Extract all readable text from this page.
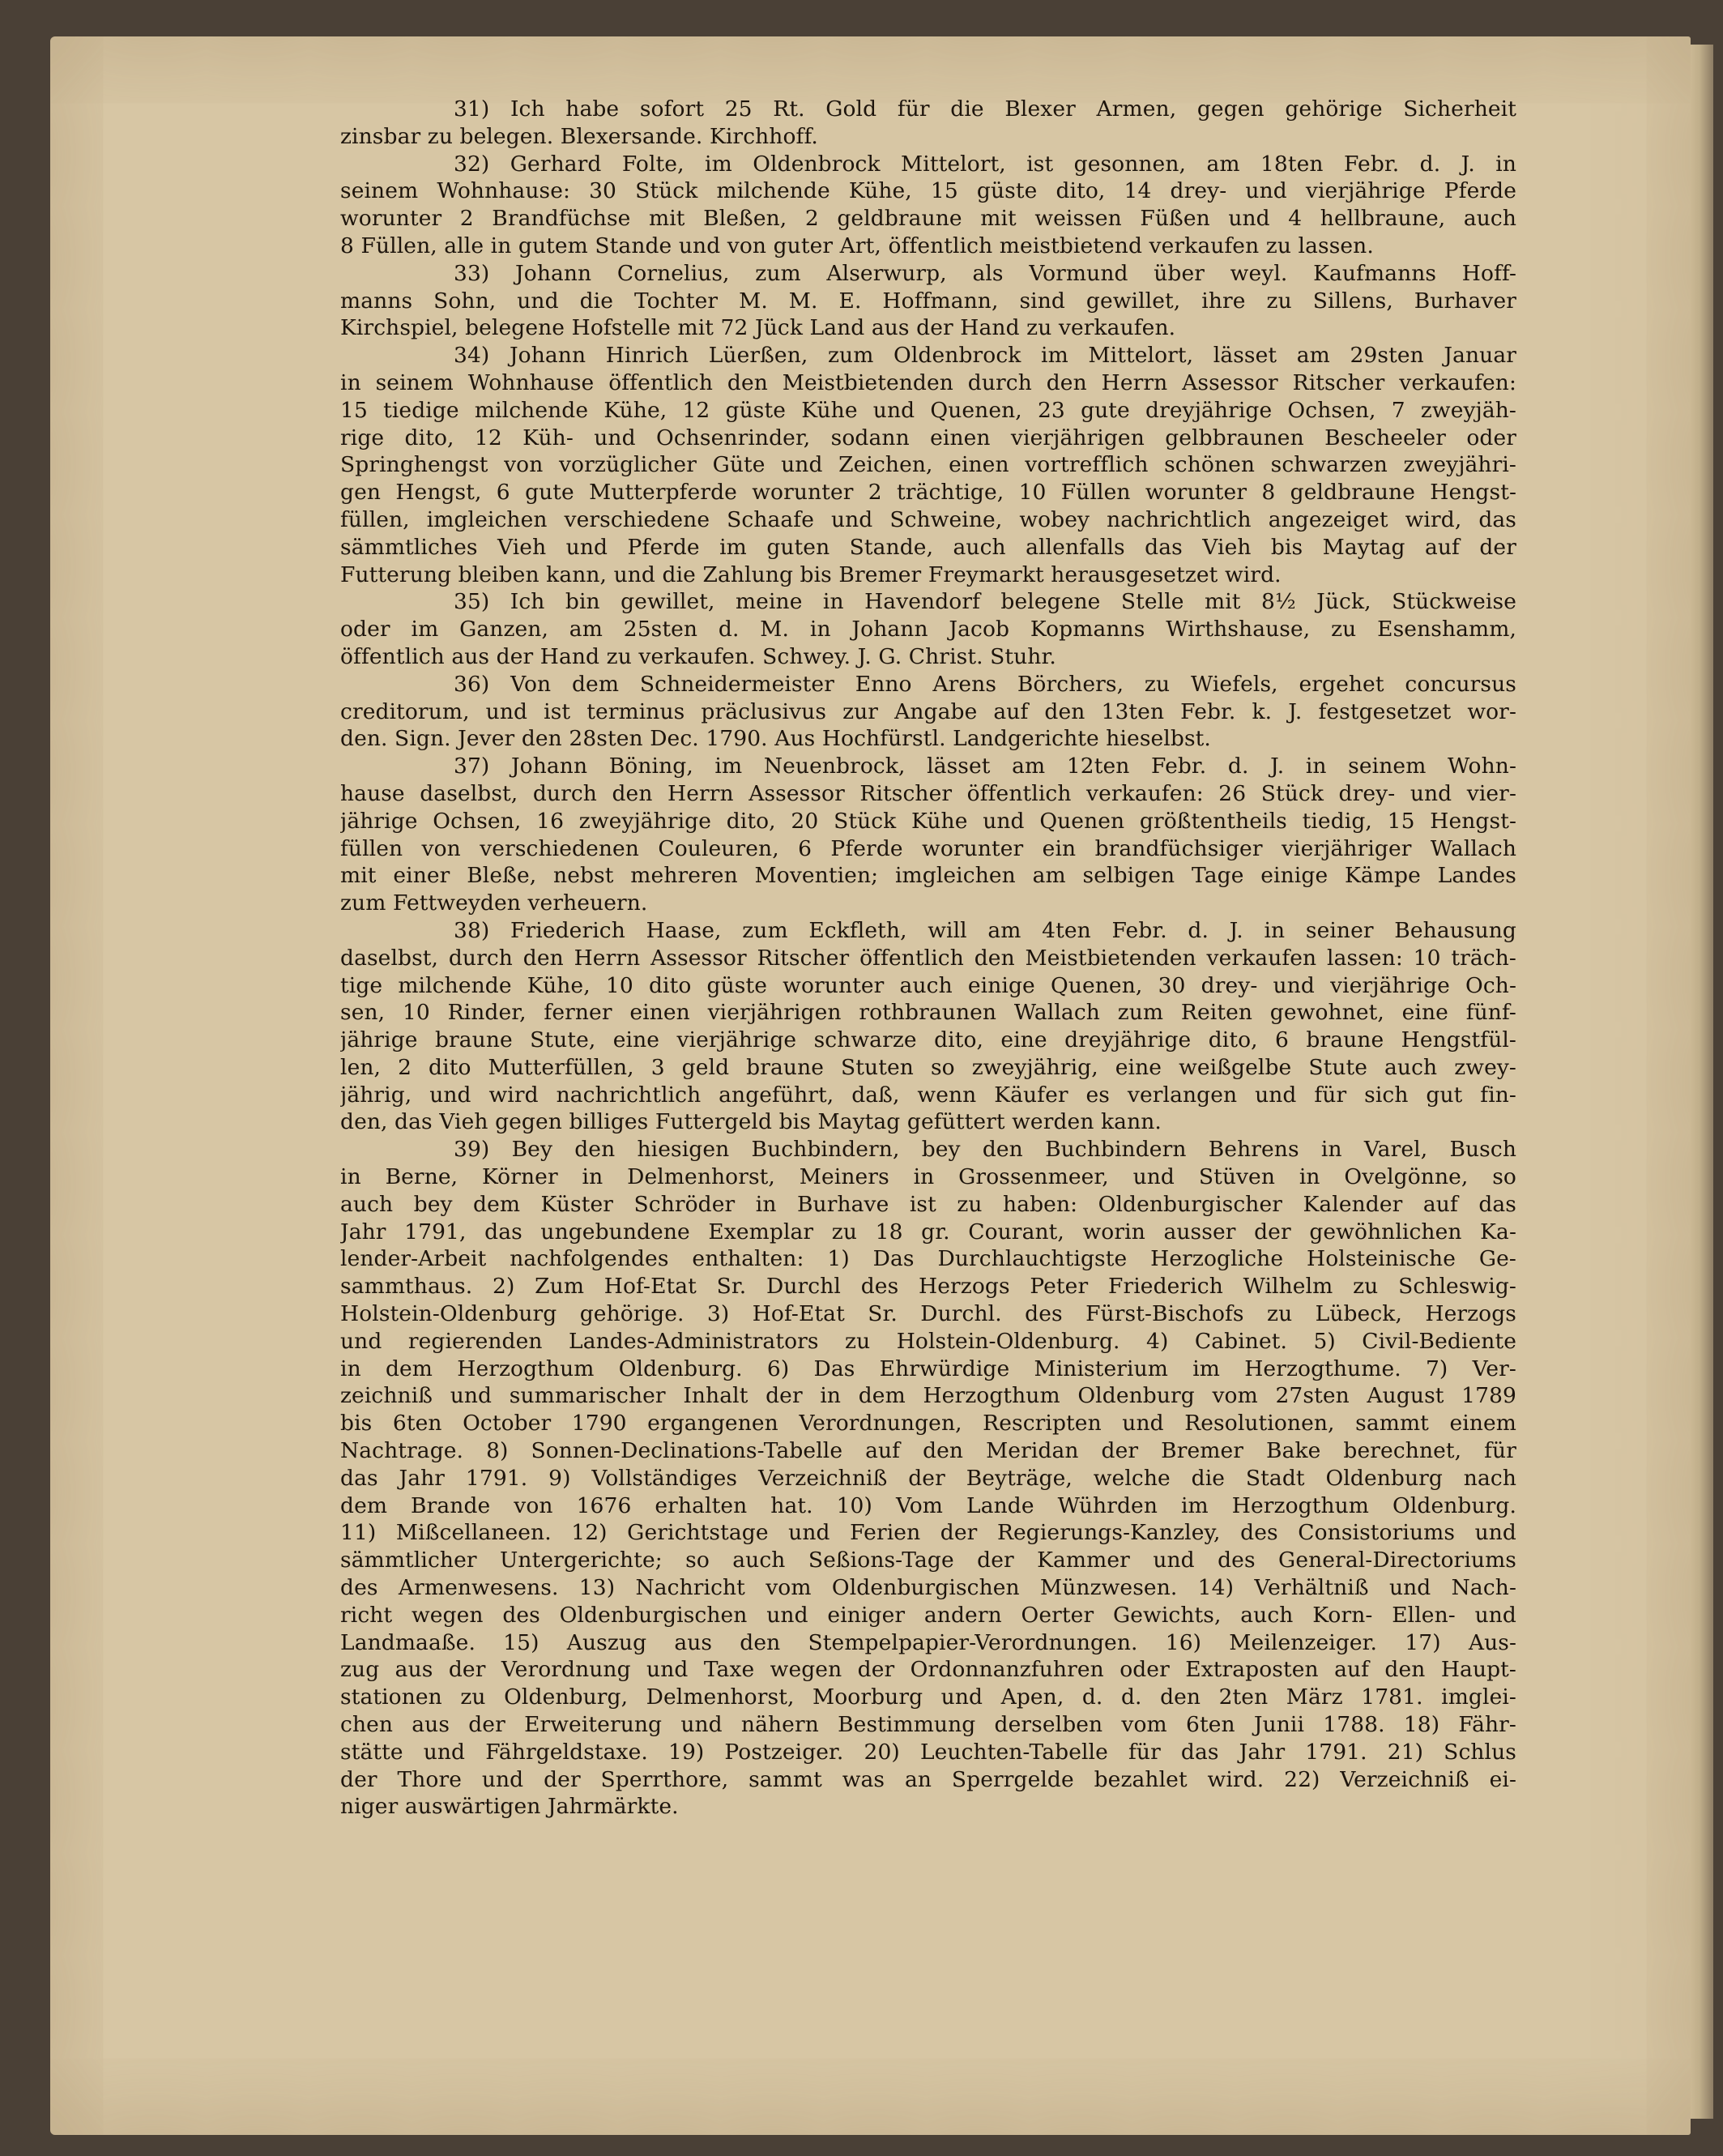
31) Ich habe sofort 25 Rt. Gold für die Blexer Armen, gegen gehörige Sicherheit
zinsbar zu belegen. Blexersande. Kirchhoff.
32) Gerhard Folte, im Oldenbrock Mittelort, ist gesonnen, am 18ten Febr. d. J. in
seinem Wohnhause: 30 Stück milchende Kühe, 15 güste dito, 14 drey- und vierjährige Pferde
worunter 2 Brandfüchse mit Bleßen, 2 geldbraune mit weissen Füßen und 4 hellbraune, auch
8 Füllen, alle in gutem Stande und von guter Art, öffentlich meistbietend verkaufen zu lassen.
33) Johann Cornelius, zum Alserwurp, als Vormund über weyl. Kaufmanns Hoff-
manns Sohn, und die Tochter M. M. E. Hoffmann, sind gewillet, ihre zu Sillens, Burhaver
Kirchspiel, belegene Hofstelle mit 72 Jück Land aus der Hand zu verkaufen.
34) Johann Hinrich Lüerßen, zum Oldenbrock im Mittelort, lässet am 29sten Januar
in seinem Wohnhause öffentlich den Meistbietenden durch den Herrn Assessor Ritscher verkaufen:
15 tiedige milchende Kühe, 12 güste Kühe und Quenen, 23 gute dreyjährige Ochsen, 7 zweyjäh-
rige dito, 12 Küh- und Ochsenrinder, sodann einen vierjährigen gelbbraunen Bescheeler oder
Springhengst von vorzüglicher Güte und Zeichen, einen vortrefflich schönen schwarzen zweyjähri-
gen Hengst, 6 gute Mutterpferde worunter 2 trächtige, 10 Füllen worunter 8 geldbraune Hengst-
füllen, imgleichen verschiedene Schaafe und Schweine, wobey nachrichtlich angezeiget wird, das
sämmtliches Vieh und Pferde im guten Stande, auch allenfalls das Vieh bis Maytag auf der
Futterung bleiben kann, und die Zahlung bis Bremer Freymarkt herausgesetzet wird.
35) Ich bin gewillet, meine in Havendorf belegene Stelle mit 8½ Jück, Stückweise
oder im Ganzen, am 25sten d. M. in Johann Jacob Kopmanns Wirthshause, zu Esenshamm,
öffentlich aus der Hand zu verkaufen. Schwey. J. G. Christ. Stuhr.
36) Von dem Schneidermeister Enno Arens Börchers, zu Wiefels, ergehet concursus
creditorum, und ist terminus präclusivus zur Angabe auf den 13ten Febr. k. J. festgesetzet wor-
den. Sign. Jever den 28sten Dec. 1790. Aus Hochfürstl. Landgerichte hieselbst.
37) Johann Böning, im Neuenbrock, lässet am 12ten Febr. d. J. in seinem Wohn-
hause daselbst, durch den Herrn Assessor Ritscher öffentlich verkaufen: 26 Stück drey- und vier-
jährige Ochsen, 16 zweyjährige dito, 20 Stück Kühe und Quenen größtentheils tiedig, 15 Hengst-
füllen von verschiedenen Couleuren, 6 Pferde worunter ein brandfüchsiger vierjähriger Wallach
mit einer Bleße, nebst mehreren Moventien; imgleichen am selbigen Tage einige Kämpe Landes
zum Fettweyden verheuern.
38) Friederich Haase, zum Eckfleth, will am 4ten Febr. d. J. in seiner Behausung
daselbst, durch den Herrn Assessor Ritscher öffentlich den Meistbietenden verkaufen lassen: 10 träch-
tige milchende Kühe, 10 dito güste worunter auch einige Quenen, 30 drey- und vierjährige Och-
sen, 10 Rinder, ferner einen vierjährigen rothbraunen Wallach zum Reiten gewohnet, eine fünf-
jährige braune Stute, eine vierjährige schwarze dito, eine dreyjährige dito, 6 braune Hengstfül-
len, 2 dito Mutterfüllen, 3 geld braune Stuten so zweyjährig, eine weißgelbe Stute auch zwey-
jährig, und wird nachrichtlich angeführt, daß, wenn Käufer es verlangen und für sich gut fin-
den, das Vieh gegen billiges Futtergeld bis Maytag gefüttert werden kann.
39) Bey den hiesigen Buchbindern, bey den Buchbindern Behrens in Varel, Busch
in Berne, Körner in Delmenhorst, Meiners in Grossenmeer, und Stüven in Ovelgönne, so
auch bey dem Küster Schröder in Burhave ist zu haben: Oldenburgischer Kalender auf das
Jahr 1791, das ungebundene Exemplar zu 18 gr. Courant, worin ausser der gewöhnlichen Ka-
lender-Arbeit nachfolgendes enthalten: 1) Das Durchlauchtigste Herzogliche Holsteinische Ge-
sammthaus. 2) Zum Hof-Etat Sr. Durchl des Herzogs Peter Friederich Wilhelm zu Schleswig-
Holstein-Oldenburg gehörige. 3) Hof-Etat Sr. Durchl. des Fürst-Bischofs zu Lübeck, Herzogs
und regierenden Landes-Administrators zu Holstein-Oldenburg. 4) Cabinet. 5) Civil-Bediente
in dem Herzogthum Oldenburg. 6) Das Ehrwürdige Ministerium im Herzogthume. 7) Ver-
zeichniß und summarischer Inhalt der in dem Herzogthum Oldenburg vom 27sten August 1789
bis 6ten October 1790 ergangenen Verordnungen, Rescripten und Resolutionen, sammt einem
Nachtrage. 8) Sonnen-Declinations-Tabelle auf den Meridan der Bremer Bake berechnet, für
das Jahr 1791. 9) Vollständiges Verzeichniß der Beyträge, welche die Stadt Oldenburg nach
dem Brande von 1676 erhalten hat. 10) Vom Lande Wührden im Herzogthum Oldenburg.
11) Mißcellaneen. 12) Gerichtstage und Ferien der Regierungs-Kanzley, des Consistoriums und
sämmtlicher Untergerichte; so auch Seßions-Tage der Kammer und des General-Directoriums
des Armenwesens. 13) Nachricht vom Oldenburgischen Münzwesen. 14) Verhältniß und Nach-
richt wegen des Oldenburgischen und einiger andern Oerter Gewichts, auch Korn- Ellen- und
Landmaaße. 15) Auszug aus den Stempelpapier-Verordnungen. 16) Meilenzeiger. 17) Aus-
zug aus der Verordnung und Taxe wegen der Ordonnanzfuhren oder Extraposten auf den Haupt-
stationen zu Oldenburg, Delmenhorst, Moorburg und Apen, d. d. den 2ten März 1781. imglei-
chen aus der Erweiterung und nähern Bestimmung derselben vom 6ten Junii 1788. 18) Fähr-
stätte und Fährgeldstaxe. 19) Postzeiger. 20) Leuchten-Tabelle für das Jahr 1791. 21) Schlus
der Thore und der Sperrthore, sammt was an Sperrgelde bezahlet wird. 22) Verzeichniß ei-
niger auswärtigen Jahrmärkte.
